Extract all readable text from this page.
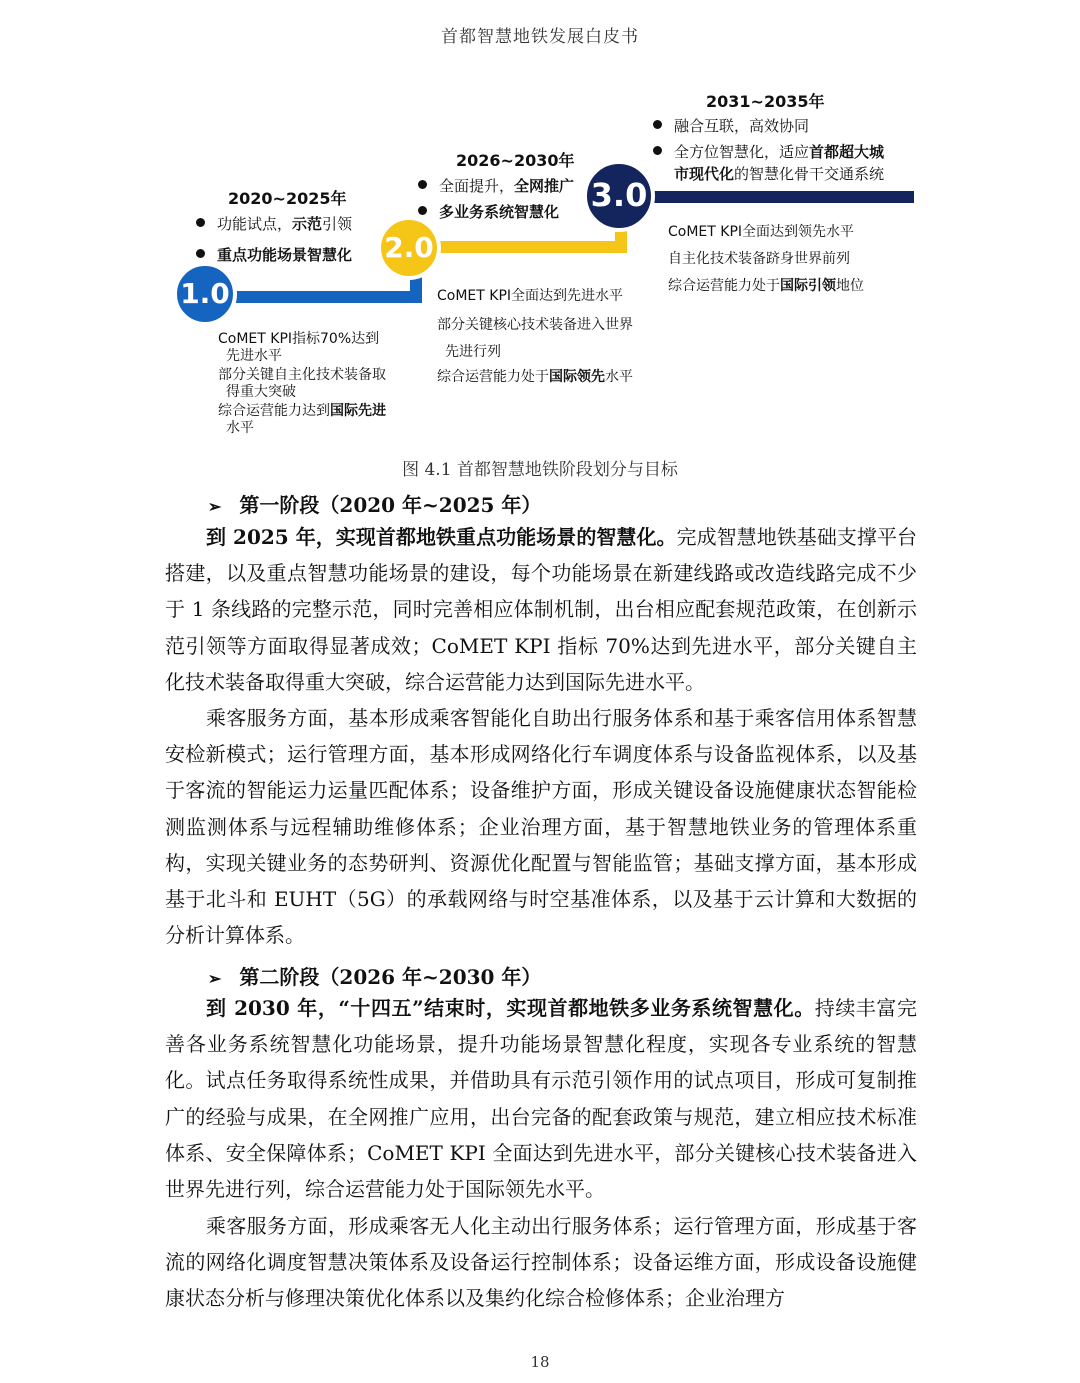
首都智慧地铁发展白皮书
1.0
2.0
3.0
2020~2025年
功能试点，示范引领
重点功能场景智慧化
CoMET KPI指标70%达到
先进水平
部分关键自主化技术装备取
得重大突破
综合运营能力达到国际先进
水平
2026~2030年
全面提升，全网推广
多业务系统智慧化
CoMET KPI全面达到先进水平
部分关键核心技术装备进入世界
先进行列
综合运营能力处于国际领先水平
2031~2035年
融合互联，高效协同
全方位智慧化，适应首都超大城
市现代化的智慧化骨干交通系统
CoMET KPI全面达到领先水平
自主化技术装备跻身世界前列
综合运营能力处于国际引领地位
图 4.1 首都智慧地铁阶段划分与目标
➢ 第一阶段（2020 年~2025 年）

到 2025 年，实现首都地铁重点功能场景的智慧化。完成智慧地铁基础支撑平台搭建，以及重点智慧功能场景的建设，每个功能场景在新建线路或改造线路完成不少于 1 条线路的完整示范，同时完善相应体制机制，出台相应配套规范政策，在创新示范引领等方面取得显著成效；CoMET KPI 指标 70%达到先进水平，部分关键自主化技术装备取得重大突破，综合运营能力达到国际先进水平。

乘客服务方面，基本形成乘客智能化自助出行服务体系和基于乘客信用体系智慧安检新模式；运行管理方面，基本形成网络化行车调度体系与设备监视体系，以及基于客流的智能运力运量匹配体系；设备维护方面，形成关键设备设施健康状态智能检测监测体系与远程辅助维修体系；企业治理方面，基于智慧地铁业务的管理体系重构，实现关键业务的态势研判、资源优化配置与智能监管；基础支撑方面，基本形成基于北斗和 EUHT（5G）的承载网络与时空基准体系，以及基于云计算和大数据的分析计算体系。

➢ 第二阶段（2026 年~2030 年）

到 2030 年，“十四五”结束时，实现首都地铁多业务系统智慧化。持续丰富完善各业务系统智慧化功能场景，提升功能场景智慧化程度，实现各专业系统的智慧化。试点任务取得系统性成果，并借助具有示范引领作用的试点项目，形成可复制推广的经验与成果，在全网推广应用，出台完备的配套政策与规范，建立相应技术标准体系、安全保障体系；CoMET KPI 全面达到先进水平，部分关键核心技术装备进入世界先进行列，综合运营能力处于国际领先水平。

乘客服务方面，形成乘客无人化主动出行服务体系；运行管理方面，形成基于客流的网络化调度智慧决策体系及设备运行控制体系；设备运维方面，形成设备设施健康状态分析与修理决策优化体系以及集约化综合检修体系；企业治理方

18
